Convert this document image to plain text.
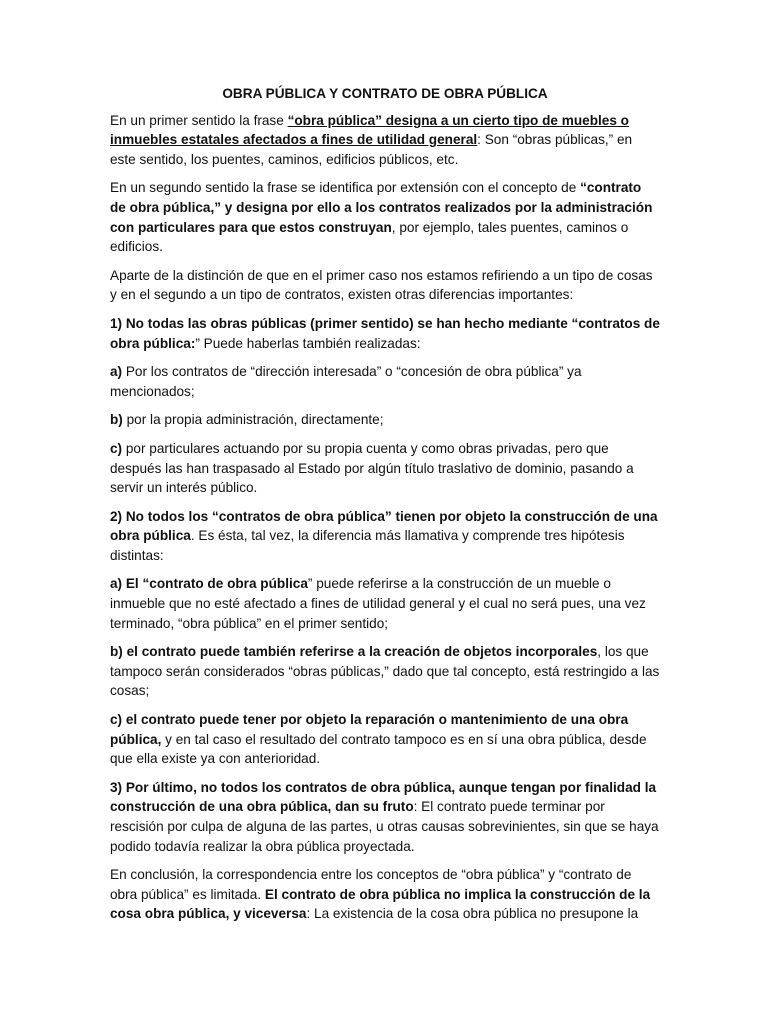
OBRA PÚBLICA Y CONTRATO DE OBRA PÚBLICA

En un primer sentido la frase “obra pública” designa a un cierto tipo de muebles o inmuebles estatales afectados a fines de utilidad general: Son “obras públicas,” en este sentido, los puentes, caminos, edificios públicos, etc.

En un segundo sentido la frase se identifica por extensión con el concepto de “contrato de obra pública,” y designa por ello a los contratos realizados por la administración con particulares para que estos construyan, por ejemplo, tales puentes, caminos o edificios.

Aparte de la distinción de que en el primer caso nos estamos refiriendo a un tipo de cosas y en el segundo a un tipo de contratos, existen otras diferencias importantes:

1) No todas las obras públicas (primer sentido) se han hecho mediante “contratos de obra pública:” Puede haberlas también realizadas:

a) Por los contratos de “dirección interesada” o “concesión de obra pública” ya mencionados;

b) por la propia administración, directamente;

c) por particulares actuando por su propia cuenta y como obras privadas, pero que después las han traspasado al Estado por algún título traslativo de dominio, pasando a servir un interés público.

2) No todos los “contratos de obra pública” tienen por objeto la construcción de una obra pública. Es ésta, tal vez, la diferencia más llamativa y comprende tres hipótesis distintas:

a) El “contrato de obra pública” puede referirse a la construcción de un mueble o inmueble que no esté afectado a fines de utilidad general y el cual no será pues, una vez terminado, “obra pública” en el primer sentido;

b) el contrato puede también referirse a la creación de objetos incorporales, los que tampoco serán considerados “obras públicas,” dado que tal concepto, está restringido a las cosas;

c) el contrato puede tener por objeto la reparación o mantenimiento de una obra pública, y en tal caso el resultado del contrato tampoco es en sí una obra pública, desde que ella existe ya con anterioridad.

3) Por último, no todos los contratos de obra pública, aunque tengan por finalidad la construcción de una obra pública, dan su fruto: El contrato puede terminar por rescisión por culpa de alguna de las partes, u otras causas sobrevinientes, sin que se haya podido todavía realizar la obra pública proyectada.

En conclusión, la correspondencia entre los conceptos de “obra pública” y “contrato de obra pública” es limitada. El contrato de obra pública no implica la construcción de la cosa obra pública, y viceversa: La existencia de la cosa obra pública no presupone la
